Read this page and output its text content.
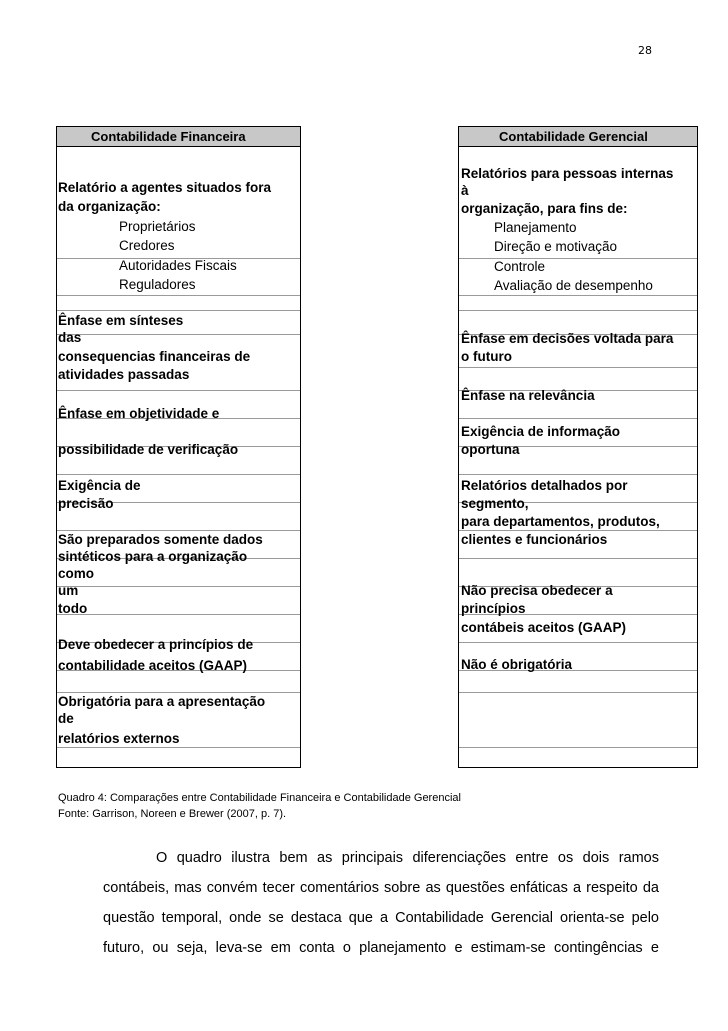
28
Contabilidade Financeira	Contabilidade Gerencial
Relatório a agentes situados fora
da organização:
Proprietários
Credores
Autoridades Fiscais
Reguladores
Ênfase em sínteses
das
consequencias financeiras de
atividades passadas
Ênfase em objetividade e
possibilidade de verificação
Exigência de
precisão
São preparados somente dados
sintéticos para a organização
como
um
todo
Deve obedecer a princípios de
contabilidade aceitos (GAAP)
Obrigatória para a apresentação
de
relatórios externos
Relatórios para pessoas internas
à
organização, para fins de:
Planejamento
Direção e motivação
Controle
Avaliação de desempenho
Ênfase em decisões voltada para
o futuro
Ênfase na relevância
Exigência de informação
oportuna
Relatórios detalhados por
segmento,
para departamentos, produtos,
clientes e funcionários
Não precisa obedecer a
princípios
contábeis aceitos (GAAP)
Não é obrigatória
Quadro 4: Comparações entre Contabilidade Financeira e Contabilidade Gerencial
Fonte: Garrison, Noreen e Brewer (2007, p. 7).
O quadro ilustra bem as principais diferenciações entre os dois ramos
contábeis, mas convém tecer comentários sobre as questões enfáticas a respeito da
questão temporal, onde se destaca que a Contabilidade Gerencial orienta-se pelo
futuro, ou seja, leva-se em conta o planejamento e estimam-se contingências e
